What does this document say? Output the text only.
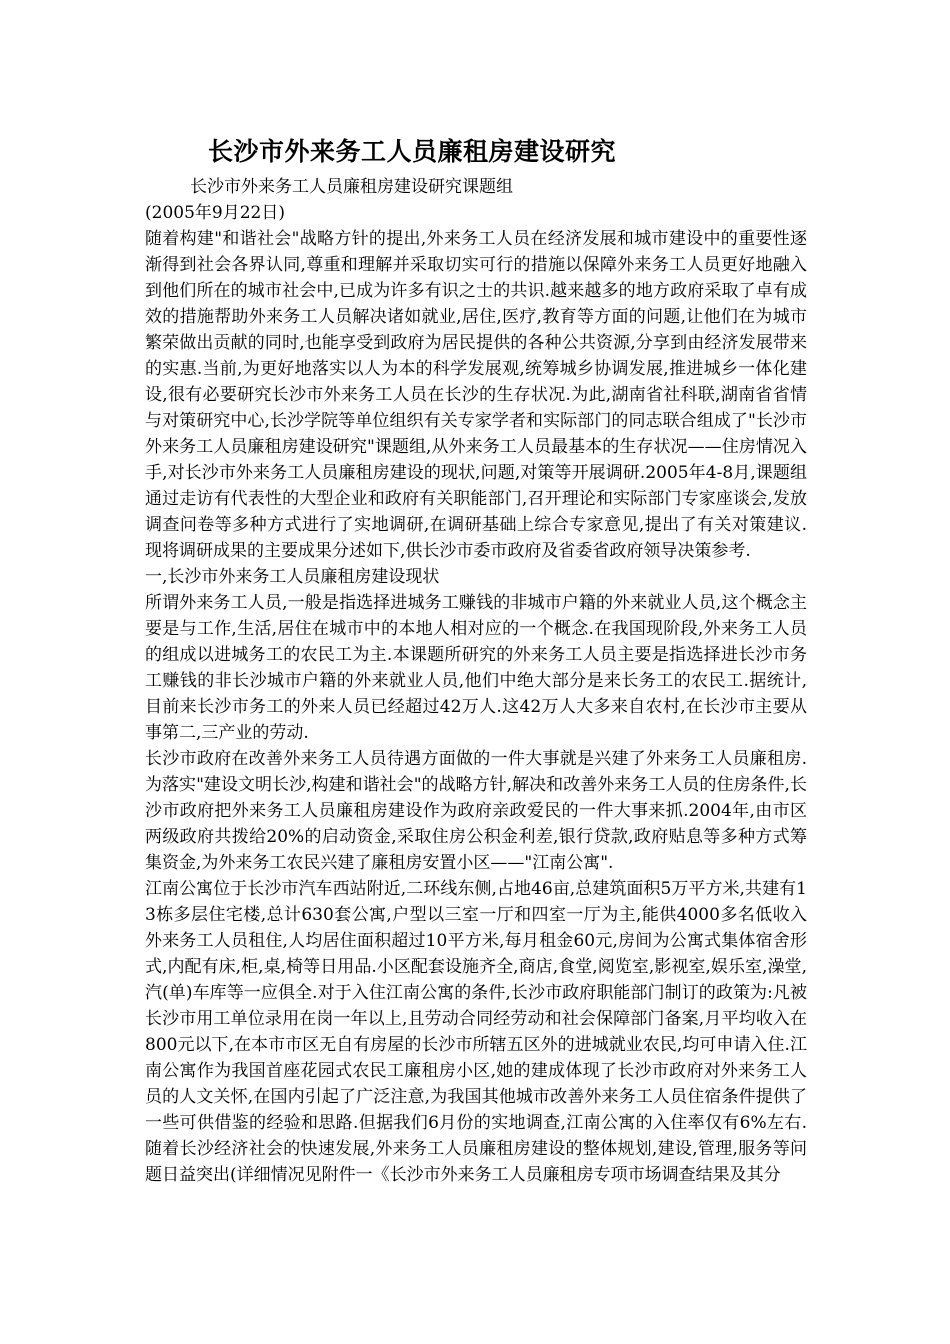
长沙市外来务工人员廉租房建设研究

长沙市外来务工人员廉租房建设研究课题组

(2005年9月22日)

随着构建"和谐社会"战略方针的提出,外来务工人员在经济发展和城市建设中的重要性逐渐得到社会各界认同,尊重和理解并采取切实可行的措施以保障外来务工人员更好地融入到他们所在的城市社会中,已成为许多有识之士的共识.越来越多的地方政府采取了卓有成效的措施帮助外来务工人员解决诸如就业,居住,医疗,教育等方面的问题,让他们在为城市繁荣做出贡献的同时,也能享受到政府为居民提供的各种公共资源,分享到由经济发展带来的实惠.当前,为更好地落实以人为本的科学发展观,统筹城乡协调发展,推进城乡一体化建设,很有必要研究长沙市外来务工人员在长沙的生存状况.为此,湖南省社科联,湖南省省情与对策研究中心,长沙学院等单位组织有关专家学者和实际部门的同志联合组成了"长沙市外来务工人员廉租房建设研究"课题组,从外来务工人员最基本的生存状况——住房情况入手,对长沙市外来务工人员廉租房建设的现状,问题,对策等开展调研.2005年4-8月,课题组通过走访有代表性的大型企业和政府有关职能部门,召开理论和实际部门专家座谈会,发放调查问卷等多种方式进行了实地调研,在调研基础上综合专家意见,提出了有关对策建议.现将调研成果的主要成果分述如下,供长沙市委市政府及省委省政府领导决策参考.

一,长沙市外来务工人员廉租房建设现状

所谓外来务工人员,一般是指选择进城务工赚钱的非城市户籍的外来就业人员,这个概念主要是与工作,生活,居住在城市中的本地人相对应的一个概念.在我国现阶段,外来务工人员的组成以进城务工的农民工为主.本课题所研究的外来务工人员主要是指选择进长沙市务工赚钱的非长沙城市户籍的外来就业人员,他们中绝大部分是来长务工的农民工.据统计,目前来长沙市务工的外来人员已经超过42万人.这42万人大多来自农村,在长沙市主要从事第二,三产业的劳动.

长沙市政府在改善外来务工人员待遇方面做的一件大事就是兴建了外来务工人员廉租房.为落实"建设文明长沙,构建和谐社会"的战略方针,解决和改善外来务工人员的住房条件,长沙市政府把外来务工人员廉租房建设作为政府亲政爱民的一件大事来抓.2004年,由市区两级政府共拨给20%的启动资金,采取住房公积金利差,银行贷款,政府贴息等多种方式筹集资金,为外来务工农民兴建了廉租房安置小区——"江南公寓".

江南公寓位于长沙市汽车西站附近,二环线东侧,占地46亩,总建筑面积5万平方米,共建有13栋多层住宅楼,总计630套公寓,户型以三室一厅和四室一厅为主,能供4000多名低收入外来务工人员租住,人均居住面积超过10平方米,每月租金60元,房间为公寓式集体宿舍形式,内配有床,柜,桌,椅等日用品.小区配套设施齐全,商店,食堂,阅览室,影视室,娱乐室,澡堂,汽(单)车库等一应俱全.对于入住江南公寓的条件,长沙市政府职能部门制订的政策为:凡被长沙市用工单位录用在岗一年以上,且劳动合同经劳动和社会保障部门备案,月平均收入在800元以下,在本市市区无自有房屋的长沙市所辖五区外的进城就业农民,均可申请入住.江南公寓作为我国首座花园式农民工廉租房小区,她的建成体现了长沙市政府对外来务工人员的人文关怀,在国内引起了广泛注意,为我国其他城市改善外来务工人员住宿条件提供了一些可供借鉴的经验和思路.但据我们6月份的实地调查,江南公寓的入住率仅有6%左右.随着长沙经济社会的快速发展,外来务工人员廉租房建设的整体规划,建设,管理,服务等问题日益突出(详细情况见附件一《长沙市外来务工人员廉租房专项市场调查结果及其分
